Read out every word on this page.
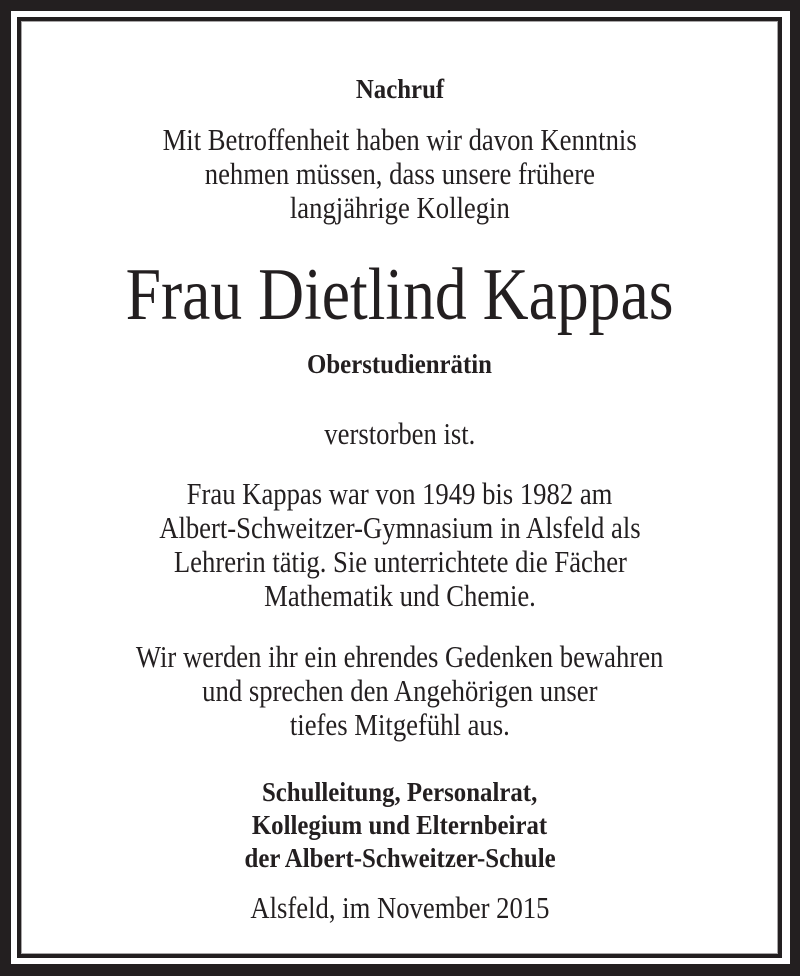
Nachruf
Mit Betroffenheit haben wir davon Kenntnis
nehmen müssen, dass unsere frühere
langjährige Kollegin
Frau Dietlind Kappas
Oberstudienrätin
verstorben ist.
Frau Kappas war von 1949 bis 1982 am
Albert-Schweitzer-Gymnasium in Alsfeld als
Lehrerin tätig. Sie unterrichtete die Fächer
Mathematik und Chemie.
Wir werden ihr ein ehrendes Gedenken bewahren
und sprechen den Angehörigen unser
tiefes Mitgefühl aus.
Schulleitung, Personalrat,
Kollegium und Elternbeirat
der Albert-Schweitzer-Schule
Alsfeld, im November 2015
